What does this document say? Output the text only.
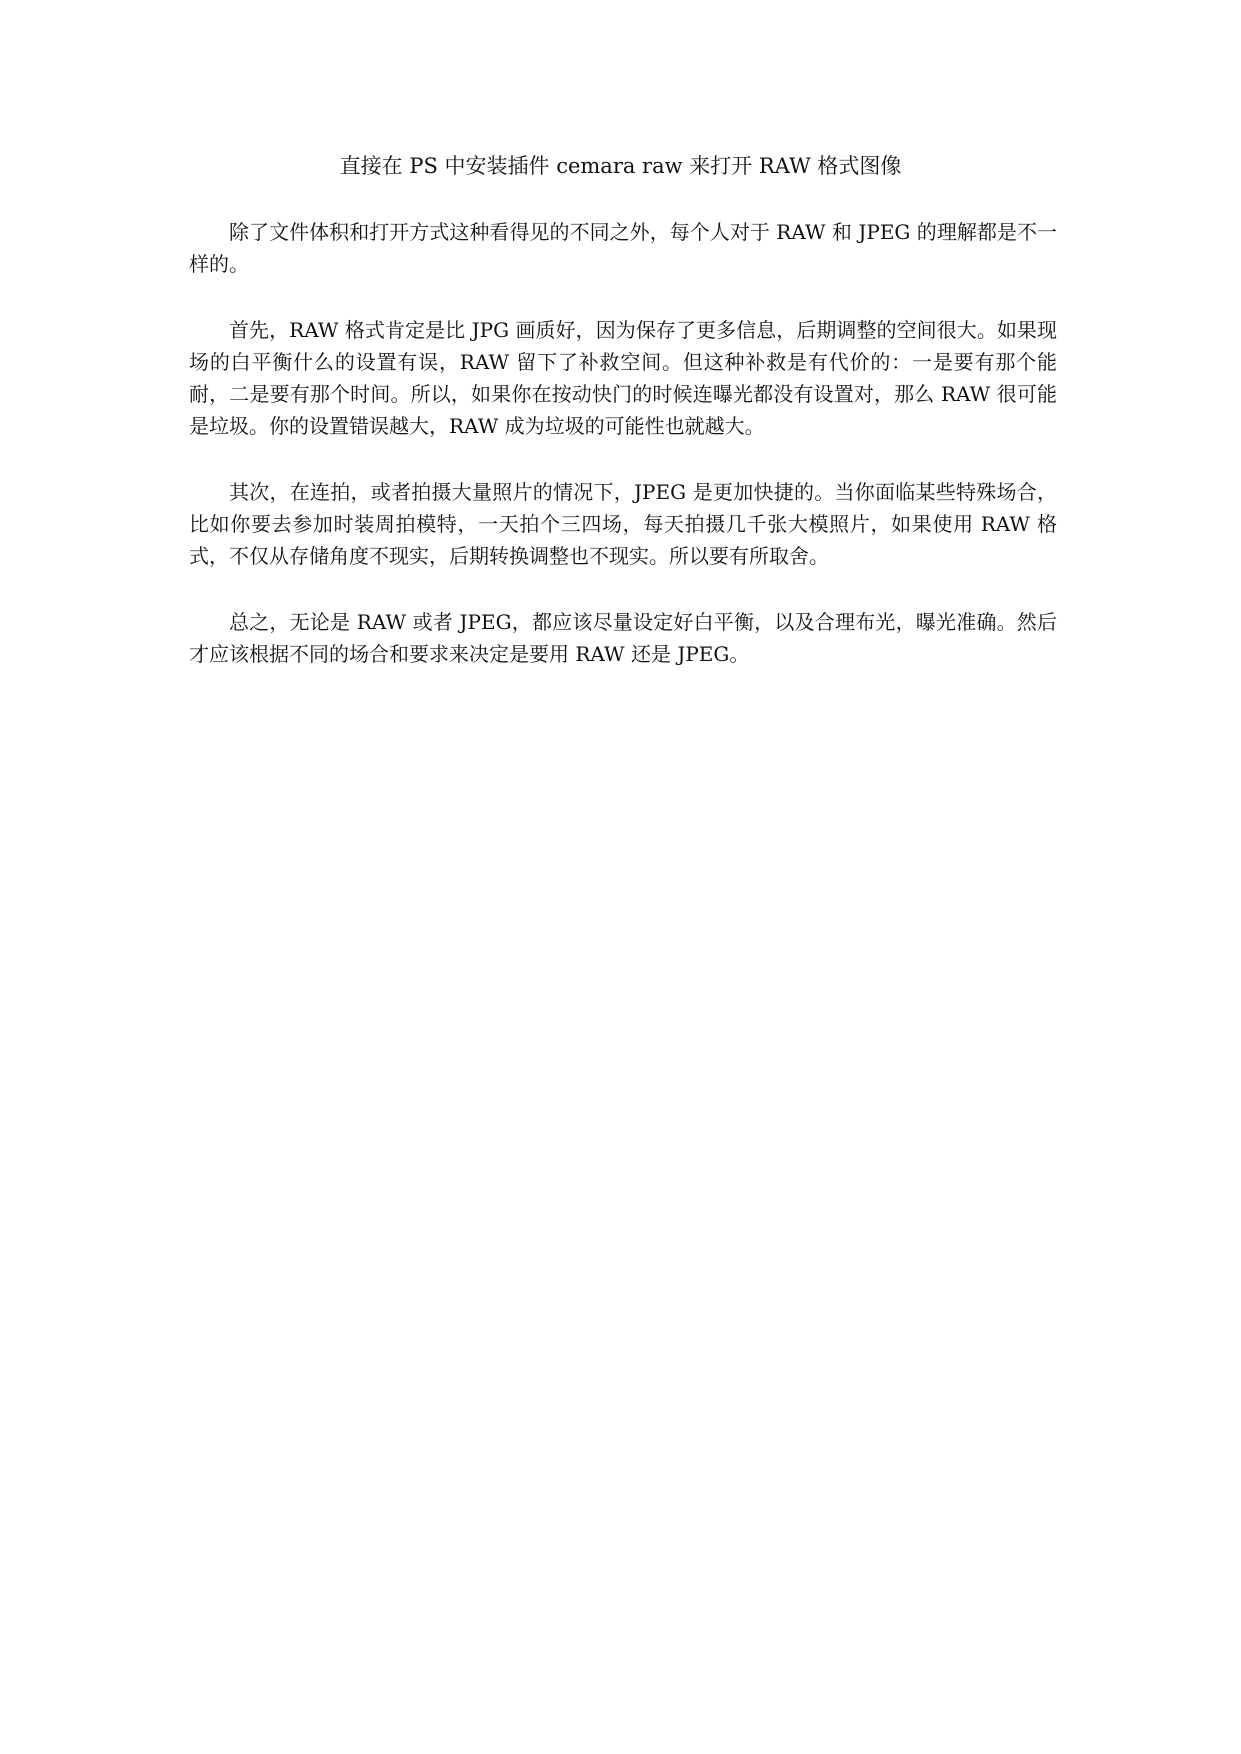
直接在 PS 中安装插件 cemara raw 来打开 RAW 格式图像

除了文件体积和打开方式这种看得见的不同之外，每个人对于 RAW 和 JPEG 的理解都是不一样的。

首先，RAW 格式肯定是比 JPG 画质好，因为保存了更多信息，后期调整的空间很大。如果现场的白平衡什么的设置有误，RAW 留下了补救空间。但这种补救是有代价的：一是要有那个能耐，二是要有那个时间。所以，如果你在按动快门的时候连曝光都没有设置对，那么 RAW 很可能是垃圾。你的设置错误越大，RAW 成为垃圾的可能性也就越大。

其次，在连拍，或者拍摄大量照片的情况下，JPEG 是更加快捷的。当你面临某些特殊场合，比如你要去参加时装周拍模特，一天拍个三四场，每天拍摄几千张大模照片，如果使用 RAW 格式，不仅从存储角度不现实，后期转换调整也不现实。所以要有所取舍。

总之，无论是 RAW 或者 JPEG，都应该尽量设定好白平衡，以及合理布光，曝光准确。然后才应该根据不同的场合和要求来决定是要用 RAW 还是 JPEG。
